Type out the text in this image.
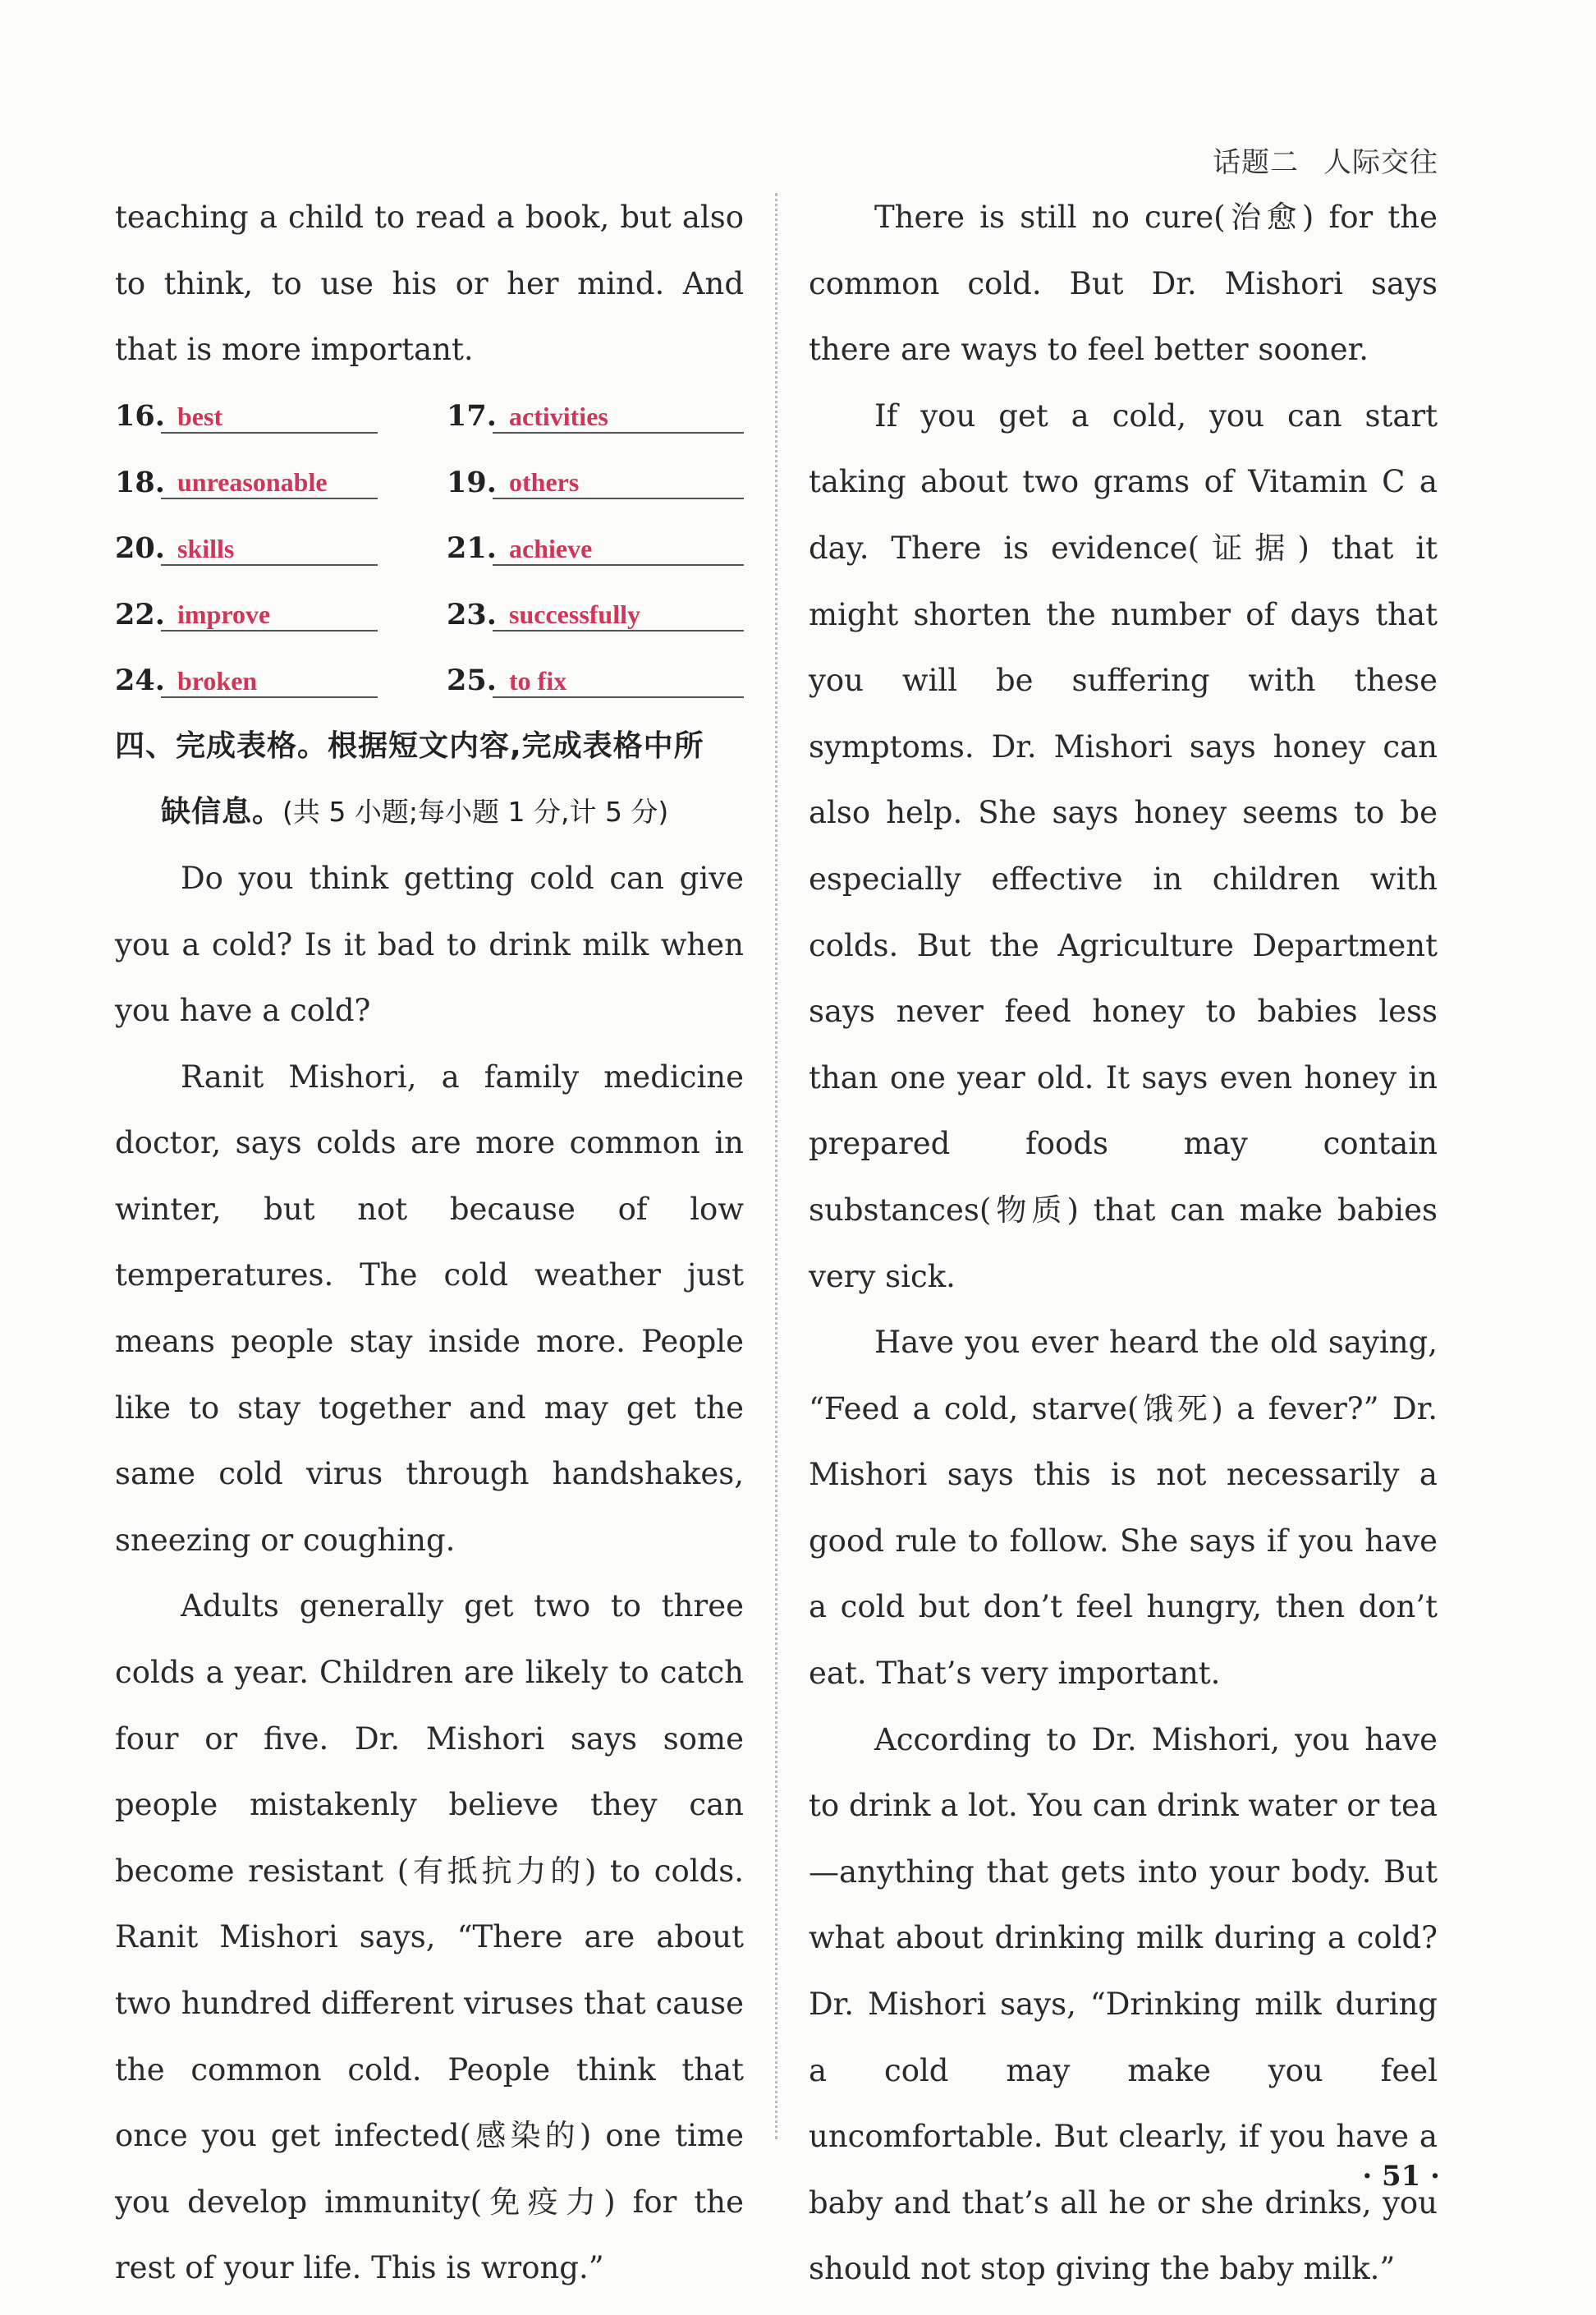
话题二 人际交往

teaching a child to read a book, but also to think, to use his or her mind. And that is more important.

16. best	17. activities
18. unreasonable	19. others
20. skills	21. achieve
22. improve	23. successfully
24. broken	25. to fix

四、完成表格。根据短文内容,完成表格中所

缺信息。(共 5 小题;每小题 1 分,计 5 分)

Do you think getting cold can give you a cold? Is it bad to drink milk when you have a cold?

Ranit Mishori, a family medicine doctor, says colds are more common in winter, but not because of low temperatures. The cold weather just means people stay inside more. People like to stay together and may get the same cold virus through handshakes, sneezing or coughing.

Adults generally get two to three colds a year. Children are likely to catch four or five. Dr. Mishori says some people mistakenly believe they can become resistant (有抵抗力的) to colds. Ranit Mishori says, “There are about two hundred different viruses that cause the common cold. People think that once you get infected(感染的) one time you develop immunity(免疫力) for the rest of your life. This is wrong.”

There is still no cure(治愈) for the common cold. But Dr. Mishori says there are ways to feel better sooner.

If you get a cold, you can start taking about two grams of Vitamin C a day. There is evidence(证据) that it might shorten the number of days that you will be suffering with these symptoms. Dr. Mishori says honey can also help. She says honey seems to be especially effective in children with colds. But the Agriculture Department says never feed honey to babies less than one year old. It says even honey in prepared foods may contain substances(物质) that can make babies very sick.

Have you ever heard the old saying, “Feed a cold, starve(饿死) a fever?” Dr. Mishori says this is not necessarily a good rule to follow. She says if you have a cold but don’t feel hungry, then don’t eat. That’s very important.

According to Dr. Mishori, you have to drink a lot. You can drink water or tea—anything that gets into your body. But what about drinking milk during a cold? Dr. Mishori says, “Drinking milk during a cold may make you feel uncomfortable. But clearly, if you have a baby and that’s all he or she drinks, you should not stop giving the baby milk.”

· 51 ·
